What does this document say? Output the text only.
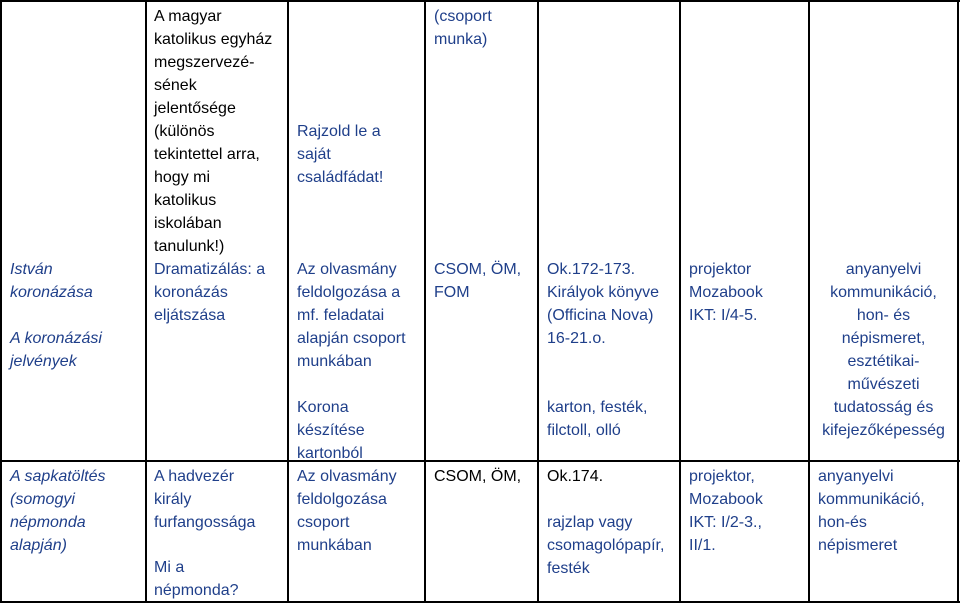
István
koronázása
A koronázási
jelvények
A magyar
katolikus egyház
megszervezé-
sének
jelentősége
(különös
tekintettel arra,
hogy mi
katolikus
iskolában
tanulunk!)
Dramatizálás: a
koronázás
eljátszása
Rajzold le a
saját
családfádat!
Az olvasmány
feldolgozása a
mf. feladatai
alapján csoport
munkában
Korona
készítése
kartonból
(csoport
munka)
CSOM, ÖM,
FOM
Ok.172-173.
Királyok könyve
(Officina Nova)
16-21.o.
karton, festék,
filctoll, olló
projektor
Mozabook
IKT: I/4-5.
anyanyelvi
kommunikáció,
hon- és
népismeret,
esztétikai-
művészeti
tudatosság és
kifejezőképesség
A sapkatöltés
(somogyi
népmonda
alapján)
A hadvezér
király
furfangossága
Mi a
népmonda?
Az olvasmány
feldolgozása
csoport
munkában
CSOM, ÖM,	Ok.174.
rajzlap vagy
csomagolópapír,
festék
projektor,
Mozabook
IKT: I/2-3.,
II/1.
anyanyelvi
kommunikáció,
hon-és
népismeret
